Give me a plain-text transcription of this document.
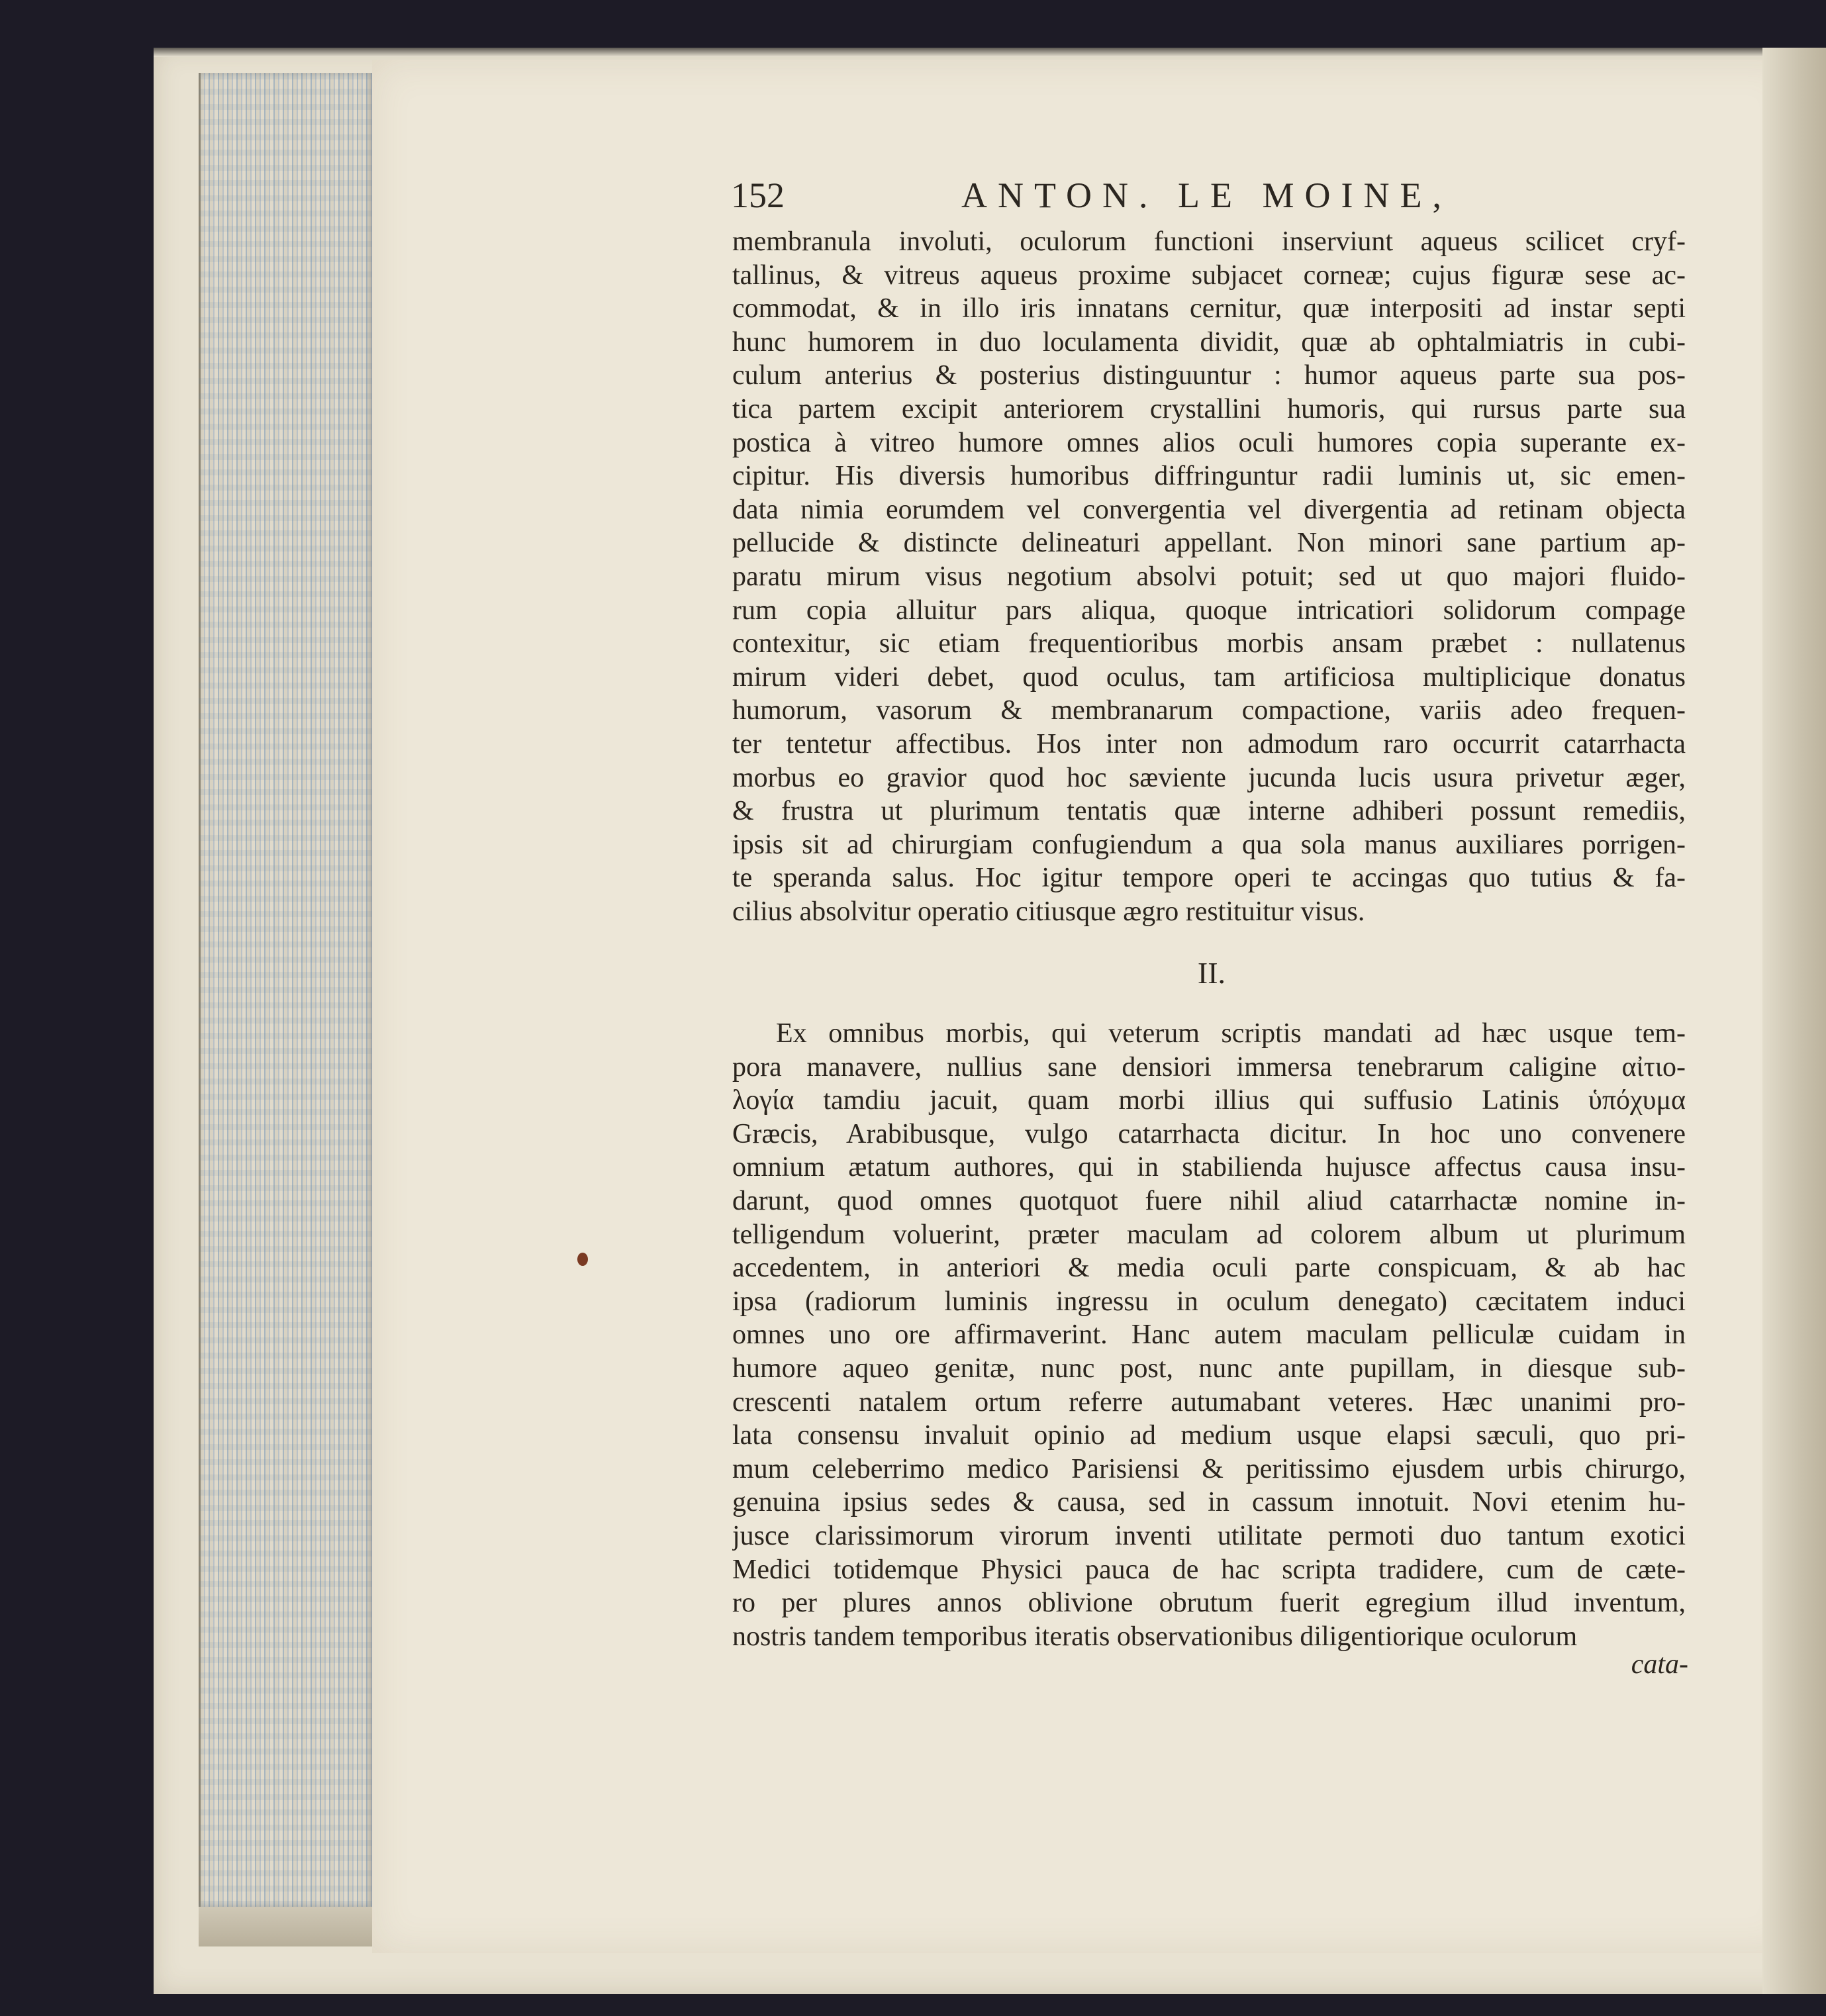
152	ANTON. LE MOINE,
membranula involuti, oculorum functioni inserviunt aqueus scilicet cryf-
tallinus, & vitreus aqueus proxime subjacet corneæ; cujus figuræ sese ac-
commodat, & in illo iris innatans cernitur, quæ interpositi ad instar septi
hunc humorem in duo loculamenta dividit, quæ ab ophtalmiatris in cubi-
culum anterius & posterius distinguuntur : humor aqueus parte sua pos-
tica partem excipit anteriorem crystallini humoris, qui rursus parte sua
postica à vitreo humore omnes alios oculi humores copia superante ex-
cipitur. His diversis humoribus diffringuntur radii luminis ut, sic emen-
data nimia eorumdem vel convergentia vel divergentia ad retinam objecta
pellucide & distincte delineaturi appellant. Non minori sane partium ap-
paratu mirum visus negotium absolvi potuit; sed ut quo majori fluido-
rum copia alluitur pars aliqua, quoque intricatiori solidorum compage
contexitur, sic etiam frequentioribus morbis ansam præbet : nullatenus
mirum videri debet, quod oculus, tam artificiosa multiplicique donatus
humorum, vasorum & membranarum compactione, variis adeo frequen-
ter tentetur affectibus. Hos inter non admodum raro occurrit catarrhacta
morbus eo gravior quod hoc sæviente jucunda lucis usura privetur æger,
& frustra ut plurimum tentatis quæ interne adhiberi possunt remediis,
ipsis sit ad chirurgiam confugiendum a qua sola manus auxiliares porrigen-
te speranda salus. Hoc igitur tempore operi te accingas quo tutius & fa-
cilius absolvitur operatio citiusque ægro restituitur visus.
II.
Ex omnibus morbis, qui veterum scriptis mandati ad hæc usque tem-
pora manavere, nullius sane densiori immersa tenebrarum caligine αἰτιο-
λογία tamdiu jacuit, quam morbi illius qui suffusio Latinis ὑπόχυμα
Græcis, Arabibusque, vulgo catarrhacta dicitur. In hoc uno convenere
omnium ætatum authores, qui in stabilienda hujusce affectus causa insu-
darunt, quod omnes quotquot fuere nihil aliud catarrhactæ nomine in-
telligendum voluerint, præter maculam ad colorem album ut plurimum
accedentem, in anteriori & media oculi parte conspicuam, & ab hac
ipsa (radiorum luminis ingressu in oculum denegato) cæcitatem induci
omnes uno ore affirmaverint. Hanc autem maculam pelliculæ cuidam in
humore aqueo genitæ, nunc post, nunc ante pupillam, in diesque sub-
crescenti natalem ortum referre autumabant veteres. Hæc unanimi pro-
lata consensu invaluit opinio ad medium usque elapsi sæculi, quo pri-
mum celeberrimo medico Parisiensi & peritissimo ejusdem urbis chirurgo,
genuina ipsius sedes & causa, sed in cassum innotuit. Novi etenim hu-
jusce clarissimorum virorum inventi utilitate permoti duo tantum exotici
Medici totidemque Physici pauca de hac scripta tradidere, cum de cæte-
ro per plures annos oblivione obrutum fuerit egregium illud inventum,
nostris tandem temporibus iteratis observationibus diligentiorique oculorum
cata-
